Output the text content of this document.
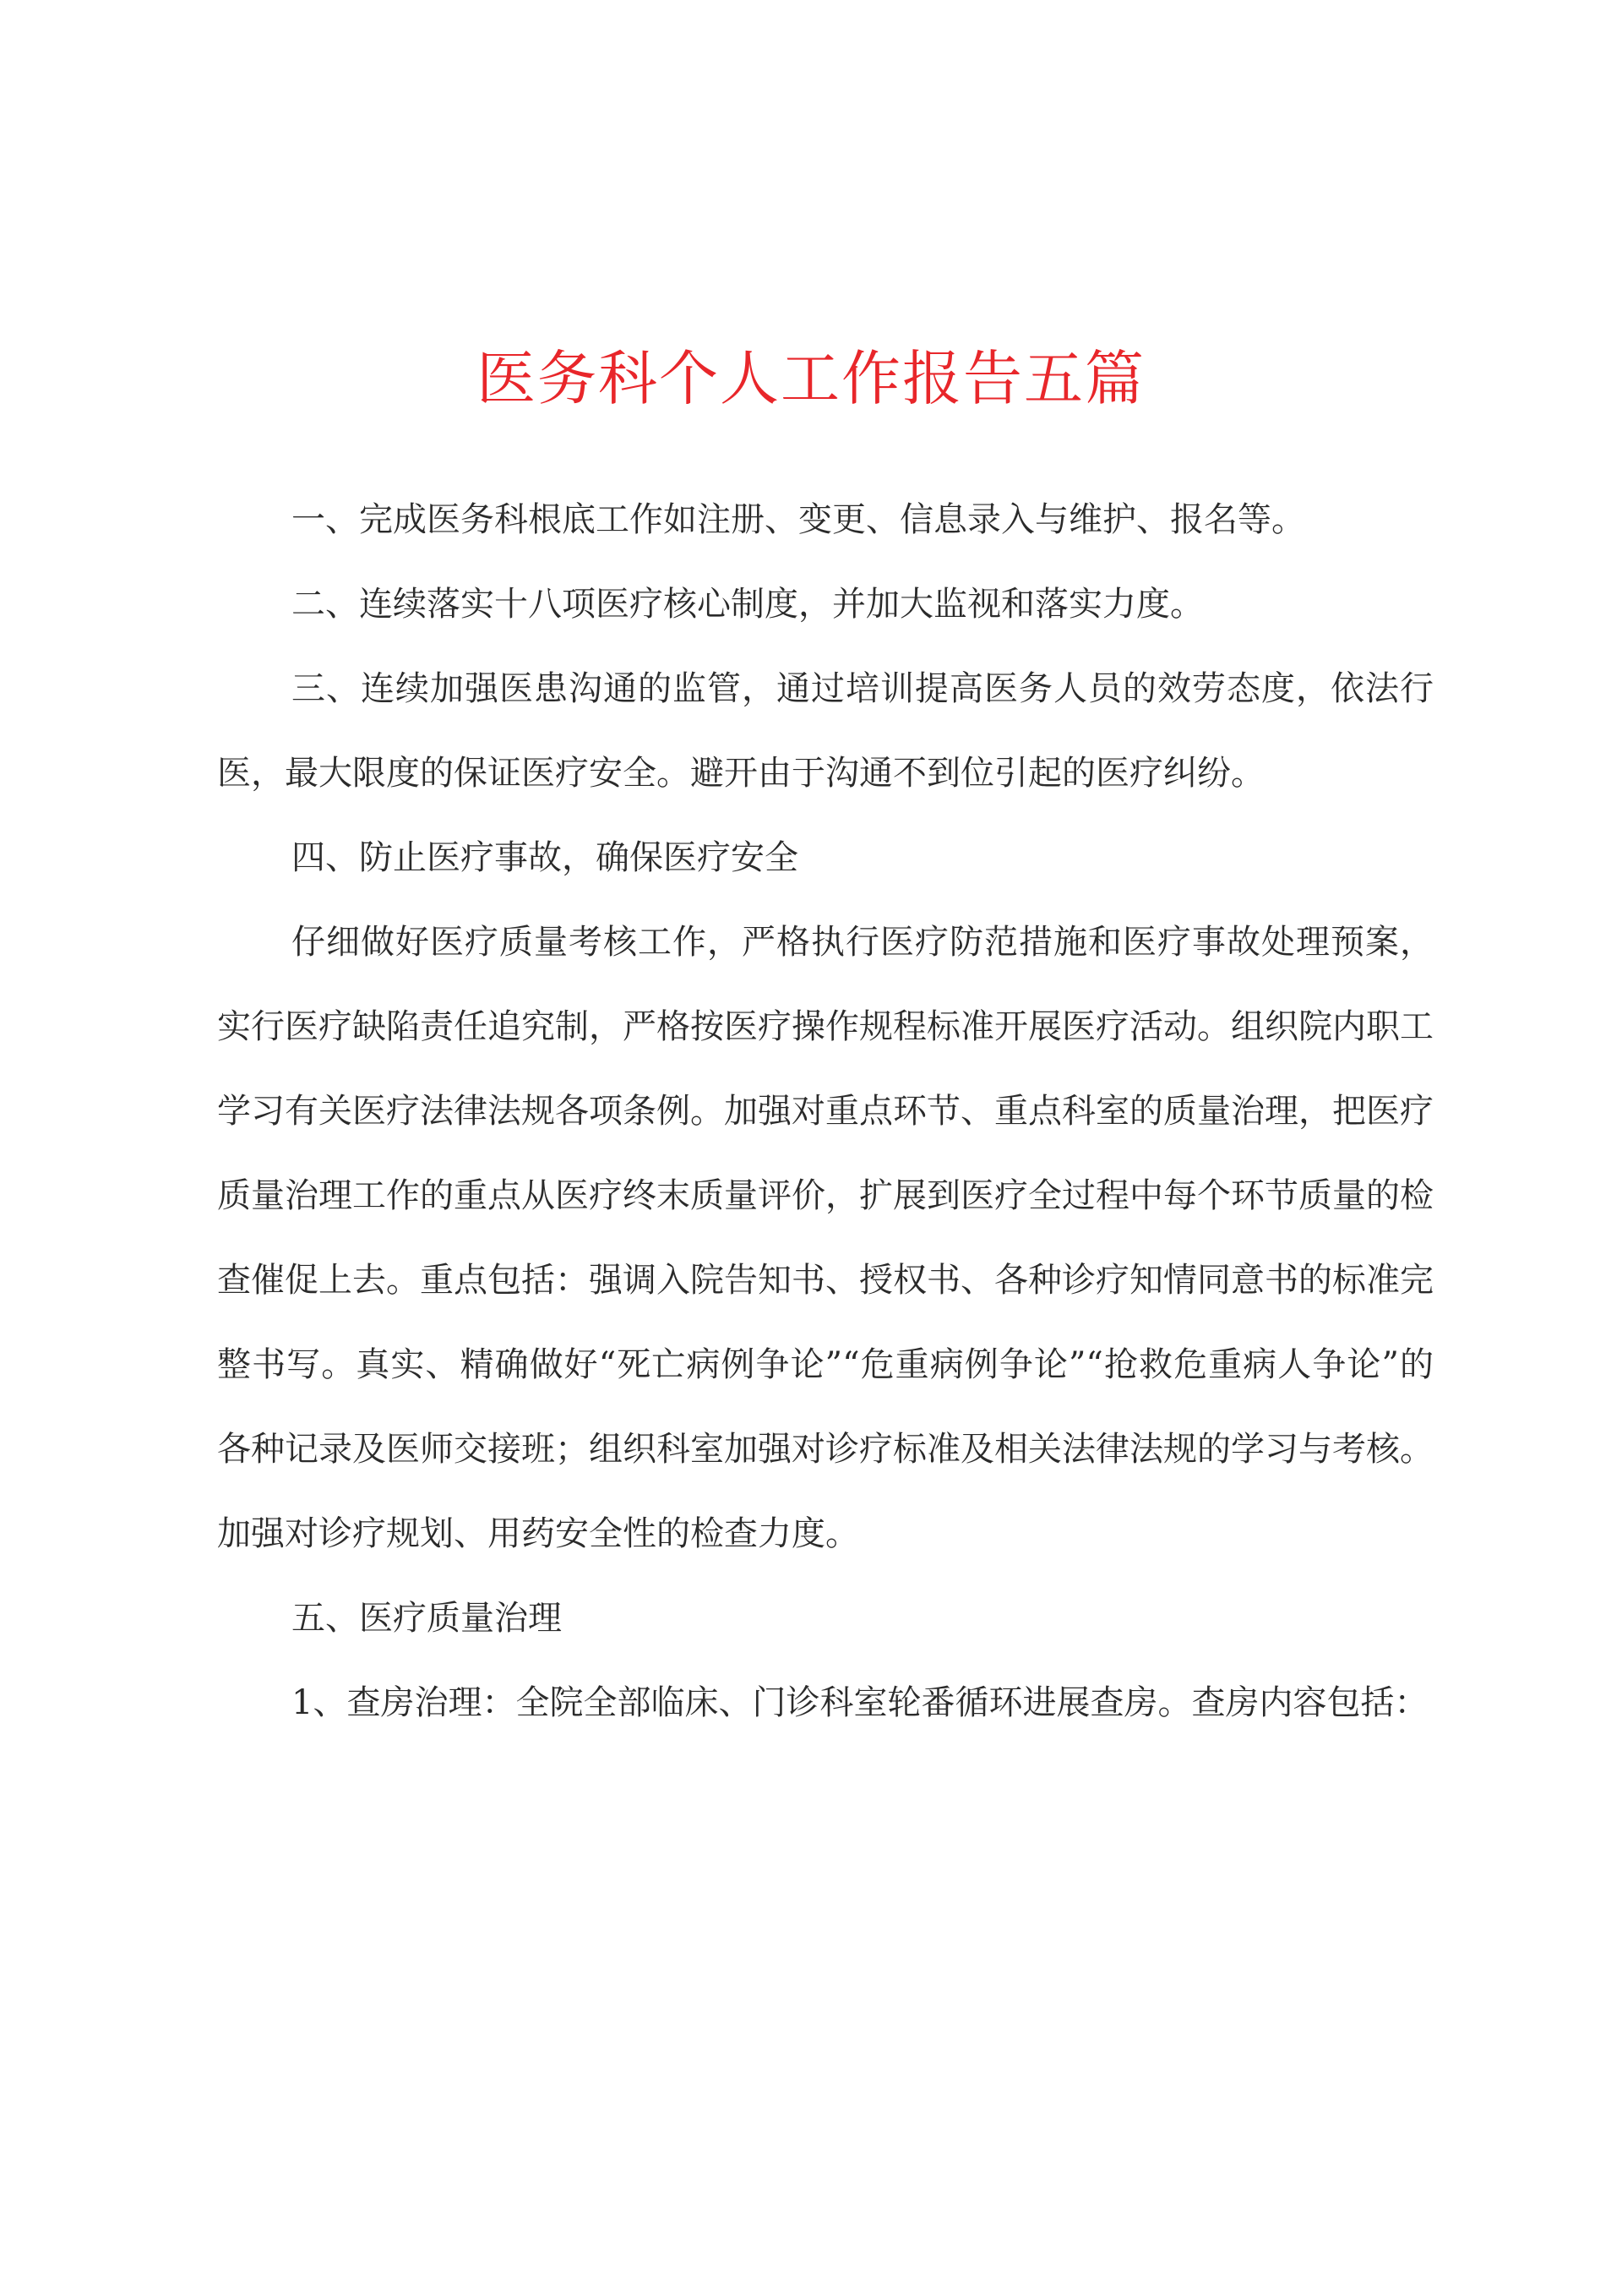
医务科个人工作报告五篇

一、完成医务科根底工作如注册、变更、信息录入与维护、报名等。

二、连续落实十八项医疗核心制度，并加大监视和落实力度。

三、连续加强医患沟通的监管，通过培训提高医务人员的效劳态度，依法行医，最大限度的保证医疗安全。避开由于沟通不到位引起的医疗纠纷。

四、防止医疗事故，确保医疗安全

仔细做好医疗质量考核工作，严格执行医疗防范措施和医疗事故处理预案，实行医疗缺陷责任追究制，严格按医疗操作规程标准开展医疗活动。组织院内职工学习有关医疗法律法规各项条例。加强对重点环节、重点科室的质量治理，把医疗质量治理工作的重点从医疗终末质量评价，扩展到医疗全过程中每个环节质量的检查催促上去。重点包括：强调入院告知书、授权书、各种诊疗知情同意书的标准完整书写。真实、精确做好“死亡病例争论”“危重病例争论”“抢救危重病人争论”的各种记录及医师交接班；组织科室加强对诊疗标准及相关法律法规的学习与考核。加强对诊疗规划、用药安全性的检查力度。

五、医疗质量治理

1、查房治理：全院全部临床、门诊科室轮番循环进展查房。查房内容包括：
